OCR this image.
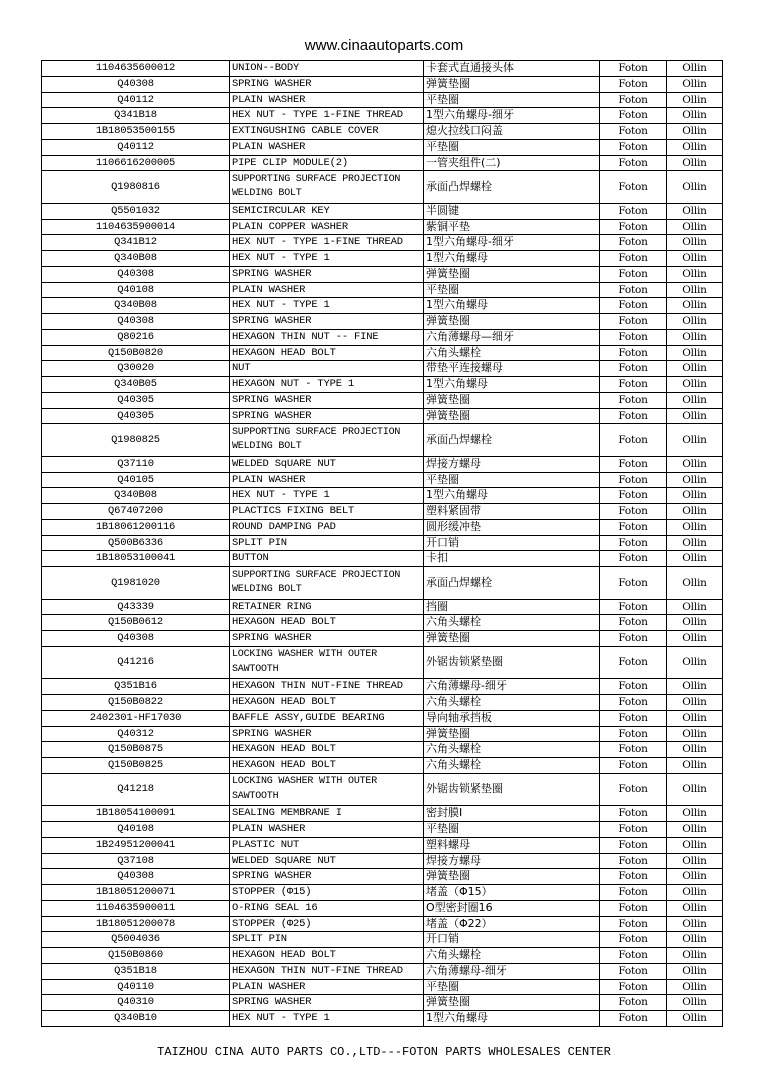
www.cinaautoparts.com
1104635600012	UNION--BODY	卡套式直通接头体	Foton	Ollin
Q40308	SPRING WASHER	弹簧垫圈	Foton	Ollin
Q40112	PLAIN WASHER	平垫圈	Foton	Ollin
Q341B18	HEX NUT - TYPE 1-FINE THREAD	1型六角螺母-细牙	Foton	Ollin
1B18053500155	EXTINGUSHING CABLE COVER	熄火拉线口闷盖	Foton	Ollin
Q40112	PLAIN WASHER	平垫圈	Foton	Ollin
1106616200005	PIPE CLIP MODULE(2)	一管夹组件(二)	Foton	Ollin
Q1980816	SUPPORTING SURFACE PROJECTION WELDING BOLT	承面凸焊螺栓	Foton	Ollin
Q5501032	SEMICIRCULAR KEY	半圆键	Foton	Ollin
1104635900014	PLAIN COPPER WASHER	紫铜平垫	Foton	Ollin
Q341B12	HEX NUT - TYPE 1-FINE THREAD	1型六角螺母-细牙	Foton	Ollin
Q340B08	HEX NUT - TYPE 1	1型六角螺母	Foton	Ollin
Q40308	SPRING WASHER	弹簧垫圈	Foton	Ollin
Q40108	PLAIN WASHER	平垫圈	Foton	Ollin
Q340B08	HEX NUT - TYPE 1	1型六角螺母	Foton	Ollin
Q40308	SPRING WASHER	弹簧垫圈	Foton	Ollin
Q80216	HEXAGON THIN NUT -- FINE	六角薄螺母—细牙	Foton	Ollin
Q150B0820	HEXAGON HEAD BOLT	六角头螺栓	Foton	Ollin
Q30020	NUT	带垫平连接螺母	Foton	Ollin
Q340B05	HEXAGON NUT - TYPE 1	1型六角螺母	Foton	Ollin
Q40305	SPRING WASHER	弹簧垫圈	Foton	Ollin
Q40305	SPRING WASHER	弹簧垫圈	Foton	Ollin
Q1980825	SUPPORTING SURFACE PROJECTION WELDING BOLT	承面凸焊螺栓	Foton	Ollin
Q37110	WELDED SqUARE NUT	焊接方螺母	Foton	Ollin
Q40105	PLAIN WASHER	平垫圈	Foton	Ollin
Q340B08	HEX NUT - TYPE 1	1型六角螺母	Foton	Ollin
Q67407200	PLACTICS FIXING BELT	塑料紧固带	Foton	Ollin
1B18061200116	ROUND DAMPING PAD	圆形缓冲垫	Foton	Ollin
Q500B6336	SPLIT PIN	开口销	Foton	Ollin
1B18053100041	BUTTON	卡扣	Foton	Ollin
Q1981020	SUPPORTING SURFACE PROJECTION WELDING BOLT	承面凸焊螺栓	Foton	Ollin
Q43339	RETAINER RING	挡圈	Foton	Ollin
Q150B0612	HEXAGON HEAD BOLT	六角头螺栓	Foton	Ollin
Q40308	SPRING WASHER	弹簧垫圈	Foton	Ollin
Q41216	LOCKING WASHER WITH OUTER SAWTOOTH	外锯齿锁紧垫圈	Foton	Ollin
Q351B16	HEXAGON THIN NUT-FINE THREAD	六角薄螺母-细牙	Foton	Ollin
Q150B0822	HEXAGON HEAD BOLT	六角头螺栓	Foton	Ollin
2402301-HF17030	BAFFLE ASSY,GUIDE BEARING	导向轴承挡板	Foton	Ollin
Q40312	SPRING WASHER	弹簧垫圈	Foton	Ollin
Q150B0875	HEXAGON HEAD BOLT	六角头螺栓	Foton	Ollin
Q150B0825	HEXAGON HEAD BOLT	六角头螺栓	Foton	Ollin
Q41218	LOCKING WASHER WITH OUTER SAWTOOTH	外锯齿锁紧垫圈	Foton	Ollin
1B18054100091	SEALING MEMBRANE I	密封膜I	Foton	Ollin
Q40108	PLAIN WASHER	平垫圈	Foton	Ollin
1B24951200041	PLASTIC NUT	塑料螺母	Foton	Ollin
Q37108	WELDED SqUARE NUT	焊接方螺母	Foton	Ollin
Q40308	SPRING WASHER	弹簧垫圈	Foton	Ollin
1B18051200071	STOPPER (Φ15)	堵盖（Φ15）	Foton	Ollin
1104635900011	O-RING SEAL 16	O型密封圈16	Foton	Ollin
1B18051200078	STOPPER (Φ25)	堵盖（Φ22）	Foton	Ollin
Q5004036	SPLIT PIN	开口销	Foton	Ollin
Q150B0860	HEXAGON HEAD BOLT	六角头螺栓	Foton	Ollin
Q351B18	HEXAGON THIN NUT-FINE THREAD	六角薄螺母-细牙	Foton	Ollin
Q40110	PLAIN WASHER	平垫圈	Foton	Ollin
Q40310	SPRING WASHER	弹簧垫圈	Foton	Ollin
Q340B10	HEX NUT - TYPE 1	1型六角螺母	Foton	Ollin
TAIZHOU CINA AUTO PARTS CO.,LTD---FOTON PARTS WHOLESALES CENTER
